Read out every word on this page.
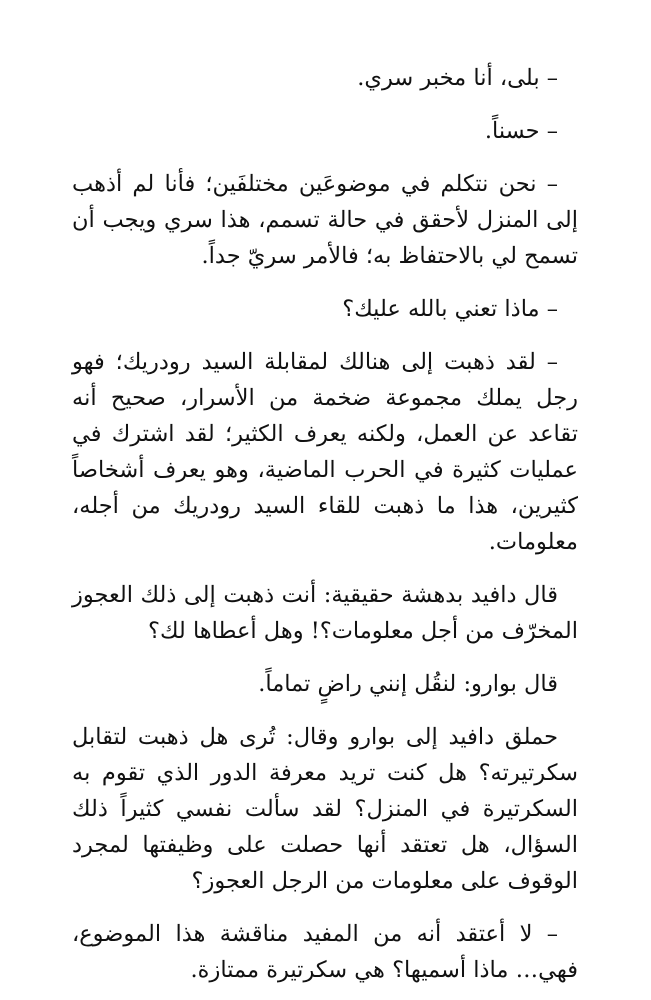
– بلى، أنا مخبر سري.

– حسناً.

– نحن نتكلم في موضوعَين مختلفَين؛ فأنا لم أذهب إلى المنزل لأحقق في حالة تسمم، هذا سري ويجب أن تسمح لي بالاحتفاظ به؛ فالأمر سريّ جداً.

– ماذا تعني بالله عليك؟

– لقد ذهبت إلى هنالك لمقابلة السيد رودريك؛ فهو رجل يملك مجموعة ضخمة من الأسرار، صحيح أنه تقاعد عن العمل، ولكنه يعرف الكثير؛ لقد اشترك في عمليات كثيرة في الحرب الماضية، وهو يعرف أشخاصاً كثيرين، هذا ما ذهبت للقاء السيد رودريك من أجله، معلومات.

قال دافيد بدهشة حقيقية: أنت ذهبت إلى ذلك العجوز المخرّف من أجل معلومات؟! وهل أعطاها لك؟

قال بوارو: لنقُل إنني راضٍ تماماً.

حملق دافيد إلى بوارو وقال: تُرى هل ذهبت لتقابل سكرتيرته؟ هل كنت تريد معرفة الدور الذي تقوم به السكرتيرة في المنزل؟ لقد سألت نفسي كثيراً ذلك السؤال، هل تعتقد أنها حصلت على وظيفتها لمجرد الوقوف على معلومات من الرجل العجوز؟

– لا أعتقد أنه من المفيد مناقشة هذا الموضوع، فهي… ماذا أسميها؟ هي سكرتيرة ممتازة.
